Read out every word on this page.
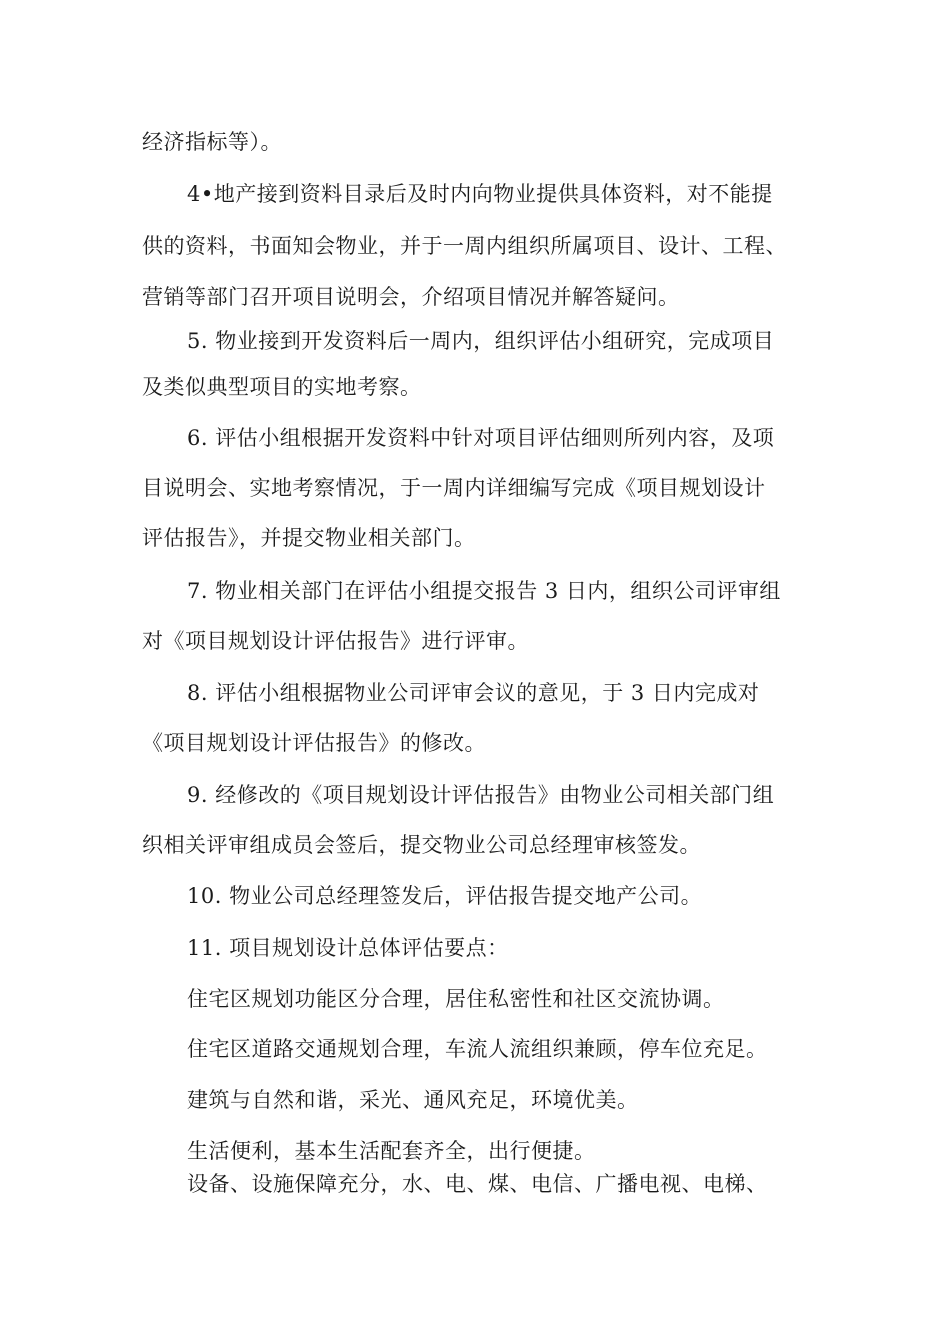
经济指标等）。
4•地产接到资料目录后及时内向物业提供具体资料，对不能提
供的资料，书面知会物业，并于一周内组织所属项目、设计、工程、
营销等部门召开项目说明会，介绍项目情况并解答疑问。
5. 物业接到开发资料后一周内，组织评估小组研究，完成项目
及类似典型项目的实地考察。
6. 评估小组根据开发资料中针对项目评估细则所列内容，及项
目说明会、实地考察情况，于一周内详细编写完成《项目规划设计
评估报告》，并提交物业相关部门。
7. 物业相关部门在评估小组提交报告 3 日内，组织公司评审组
对《项目规划设计评估报告》进行评审。
8. 评估小组根据物业公司评审会议的意见，于 3 日内完成对
《项目规划设计评估报告》的修改。
9. 经修改的《项目规划设计评估报告》由物业公司相关部门组
织相关评审组成员会签后，提交物业公司总经理审核签发。
10. 物业公司总经理签发后，评估报告提交地产公司。
11. 项目规划设计总体评估要点：
住宅区规划功能区分合理，居住私密性和社区交流协调。
住宅区道路交通规划合理，车流人流组织兼顾，停车位充足。
建筑与自然和谐，采光、通风充足，环境优美。
生活便利，基本生活配套齐全，出行便捷。
设备、设施保障充分，水、电、煤、电信、广播电视、电梯、
